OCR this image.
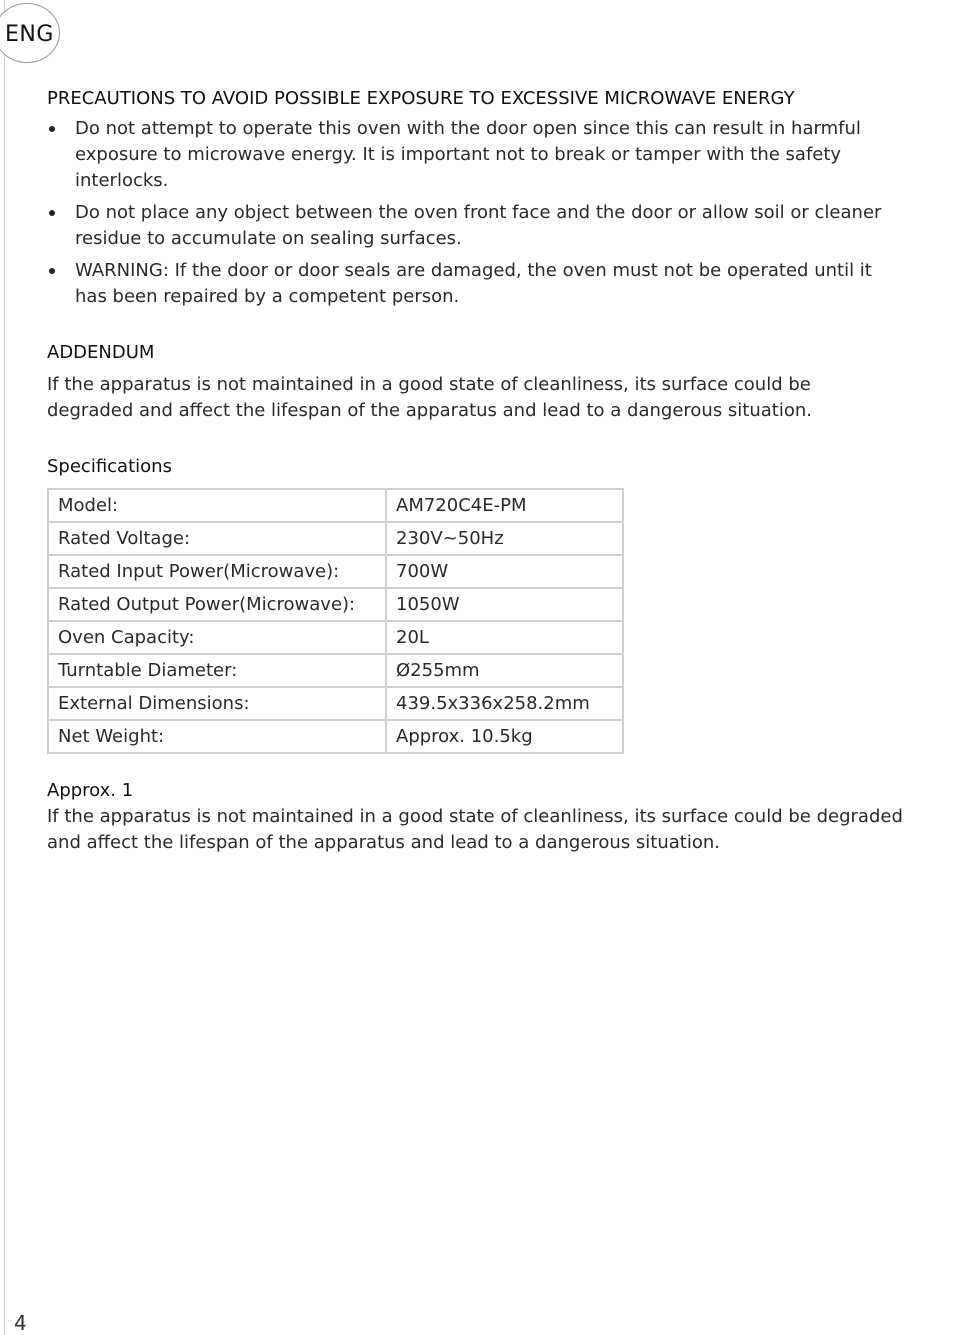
ENG
PRECAUTIONS TO AVOID POSSIBLE EXPOSURE TO EXCESSIVE MICROWAVE ENERGY
Do not attempt to operate this oven with the door open since this can result in harmful exposure to microwave energy. It is important not to break or tamper with the safety interlocks.
Do not place any object between the oven front face and the door or allow soil or cleaner residue to accumulate on sealing surfaces.
WARNING: If the door or door seals are damaged, the oven must not be operated until it has been repaired by a competent person.
ADDENDUM

If the apparatus is not maintained in a good state of cleanliness, its surface could be degraded and affect the lifespan of the apparatus and lead to a dangerous situation.

Specifications
Model:	AM720C4E-PM
Rated Voltage:	230V~50Hz
Rated Input Power(Microwave):	700W
Rated Output Power(Microwave):	1050W
Oven Capacity:	20L
Turntable Diameter:	Ø255mm
External Dimensions:	439.5x336x258.2mm
Net Weight:	Approx. 10.5kg
Approx. 1

If the apparatus is not maintained in a good state of cleanliness, its surface could be degraded and affect the lifespan of the apparatus and lead to a dangerous situation.

4
